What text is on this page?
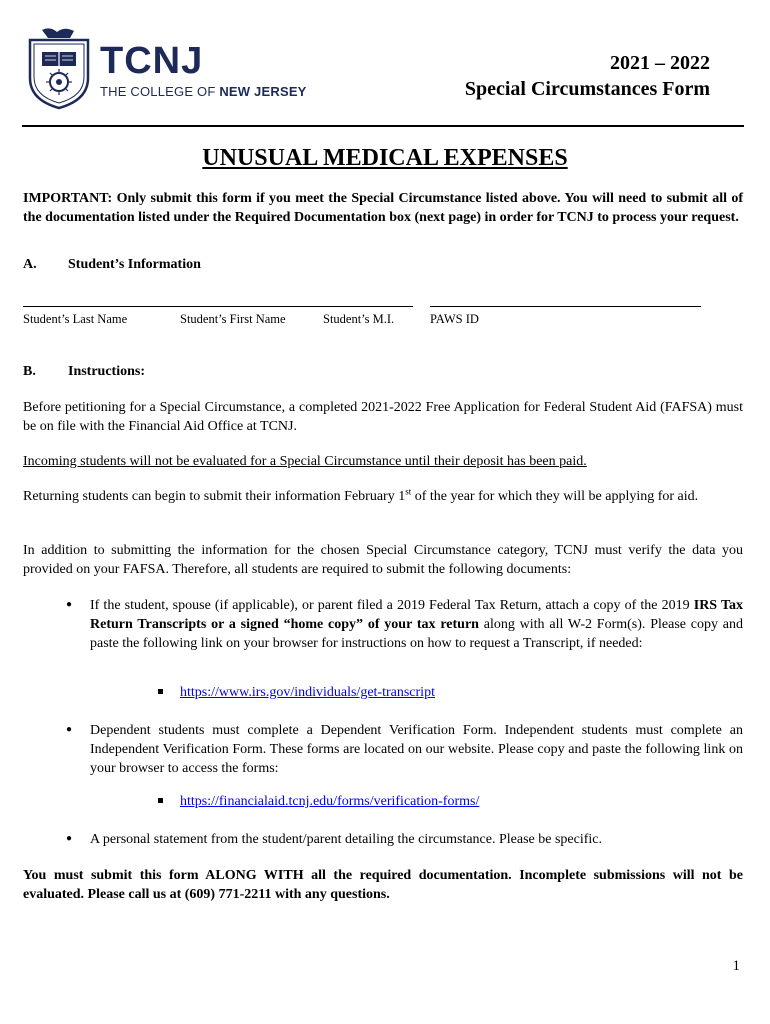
TCNJ
THE COLLEGE OF NEW JERSEY
2021 – 2022
Special Circumstances Form
UNUSUAL MEDICAL EXPENSES
IMPORTANT: Only submit this form if you meet the Special Circumstance listed above. You will need to submit all of the documentation listed under the Required Documentation box (next page) in order for TCNJ to process your request.
A. Student’s Information
Student’s Last Name	Student’s First Name	Student’s M.I.	PAWS ID
B. Instructions:
Before petitioning for a Special Circumstance, a completed 2021-2022 Free Application for Federal Student Aid (FAFSA) must be on file with the Financial Aid Office at TCNJ.
Incoming students will not be evaluated for a Special Circumstance until their deposit has been paid.
Returning students can begin to submit their information February 1st of the year for which they will be applying for aid.
In addition to submitting the information for the chosen Special Circumstance category, TCNJ must verify the data you provided on your FAFSA. Therefore, all students are required to submit the following documents:
● If the student, spouse (if applicable), or parent filed a 2019 Federal Tax Return, attach a copy of the 2019 IRS Tax Return Transcripts or a signed “home copy” of your tax return along with all W-2 Form(s). Please copy and paste the following link on your browser for instructions on how to request a Transcript, if needed:
https://www.irs.gov/individuals/get-transcript
● Dependent students must complete a Dependent Verification Form. Independent students must complete an Independent Verification Form. These forms are located on our website. Please copy and paste the following link on your browser to access the forms:
https://financialaid.tcnj.edu/forms/verification-forms/
● A personal statement from the student/parent detailing the circumstance. Please be specific.
You must submit this form ALONG WITH all the required documentation. Incomplete submissions will not be evaluated. Please call us at (609) 771-2211 with any questions.
1
